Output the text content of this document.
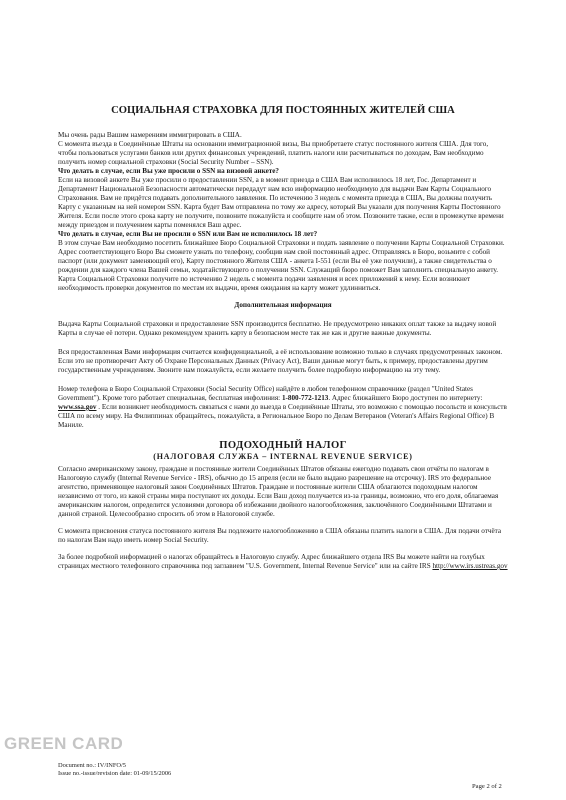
СОЦИАЛЬНАЯ СТРАХОВКА ДЛЯ ПОСТОЯННЫХ ЖИТЕЛЕЙ США

Мы очень рады Вашим намерениям иммигрировать в США.

С момента въезда в Соединённые Штаты на основании иммиграционной визы, Вы приобретаете статус постоянного жителя США. Для того, чтобы пользоваться услугами банков или других финансовых учреждений, платить налоги или расчитываться по доходам, Вам необходимо получить номер социальной страховки (Social Security Number – SSN).

Что делать в случае, если Вы уже просили о SSN на визовой анкете?

Если на визовой анкете Вы уже просили о предоставлении SSN, а в момент приезда в США Вам исполнилось 18 лет, Гос. Департамент и Департамент Национальной Безопасности автоматически передадут нам всю информацию необходимую для выдачи Вам Карты Социального Страхования. Вам не придётся подавать дополнительного заявления. По истечению 3 недель с момента приезда в США, Вы должны получить Карту с указанным на ней номером SSN. Карта будет Вам отправлена по тому же адресу, который Вы указали для получения Карты Постоянного Жителя. Если после этого срока карту не получите, позвоните пожалуйста и сообщите нам об этом. Позвоните также, если в промежутке времени между приездом и получением карты поменялся Ваш адрес.

Что делать в случае, если Вы не просили о SSN или Вам не исполнилось 18 лет?

В этом случае Вам необходимо посетить ближайшее Бюро Социальной Страховки и подать заявление о получении Карты Социальной Страховки. Адрес соответствующего Бюро Вы сможете узнать по телефону, сообщив нам свой постоянный адрес. Отправляясь в Бюро, возьмите с собой паспорт (или документ заменяющий его), Карту постоянного Жителя США - анкета I-551 (если Вы её уже получили), а также свидетельства о рождении для каждого члена Вашей семьи, ходатайствующего о получении SSN. Служащий бюро поможет Вам заполнить специальную анкету. Карта Социальной Страховки получите по истечению 2 недель с момента подачи заявления и всех приложений к нему. Если возникнет необходимость проверки документов по местам их выдачи, время ожидания на карту может удлинниться.

Дополнительная информация

Выдача Карты Социальной страховки и предоставление SSN производится бесплатно. Не предусмотрено никаких оплат также за выдачу новой Карты в случае её потери. Однако рекомендуем хранить карту в безопасном месте так же как и другие важные документы.

Вся предоставленная Вами информация считается конфиденциальной, а её использование возможно только в случаях предусмотренных законом. Если это не противоречит Акту об Охране Персональных Данных (Privacy Act), Ваши данные могут быть, к примеру, предоставлены другим государственным учреждениям. Звоните нам пожалуйста, если желаете получить более подробную информацию на эту тему.

Номер телефона в Бюро Социальной Страховки (Social Security Office) найдёте в любом телефонном справочнике (раздел "United States Government"). Кроме того работает специальная, бесплатная инфолиния: 1-800-772-1213. Адрес ближайшего Бюро доступен по интернету: www.ssa.gov . Если возникнет необходимость связаться с нами до выезда в Соединённые Штаты, это возможно с помощью посольств и консульств США по всему миру. На Филиппинах обращайтесь, пожалуйста, в Региональное Бюро по Делам Ветеранов (Veteran's Affairs Regional Office) В Маниле.

ПОДОХОДНЫЙ НАЛОГ
(НАЛОГОВАЯ СЛУЖБА – INTERNAL REVENUE SERVICE)

Согласно американскому закону, граждане и постоянные жители Соединённых Штатов обязаны ежегодно подавать свои отчёты по налогам в Налоговую службу (Internal Revenue Service - IRS), обычно до 15 апреля (если не было выдано разрешение на отсрочку). IRS это федеральное агентство, применяющее налоговый закон Соединённых Штатов. Граждане и постоянные жители США облагаются подоходным налогом независимо от того, из какой страны мира поступают их доходы. Если Ваш доход получается из-за границы, возможно, что его доля, облагаемая американским налогом, определится условиями договора об избежании двойного налогообложения, заключённого Соединёнными Штатами и данной страной. Целесообразно спросить об этом в Налоговой службе.

С момента присвоения статуса постоянного жителя Вы подлежите налогообложению в США обязаны платить налоги в США. Для подачи отчёта по налогам Вам надо иметь номер Social Security.

За более подробной информацией о налогах обращайтесь в Налоговую службу. Адрес ближайшего отдела IRS Вы можете найти на голубых страницах местного телефонного справочника под заглавием "U.S. Government, Internal Revenue Service" или на сайте IRS http://www.irs.ustreas.gov

GREEN CARD
Document no.: IV/INFO/5
Issue no.-issue/revision date: 01-09/15/2006
Page 2 of 2
